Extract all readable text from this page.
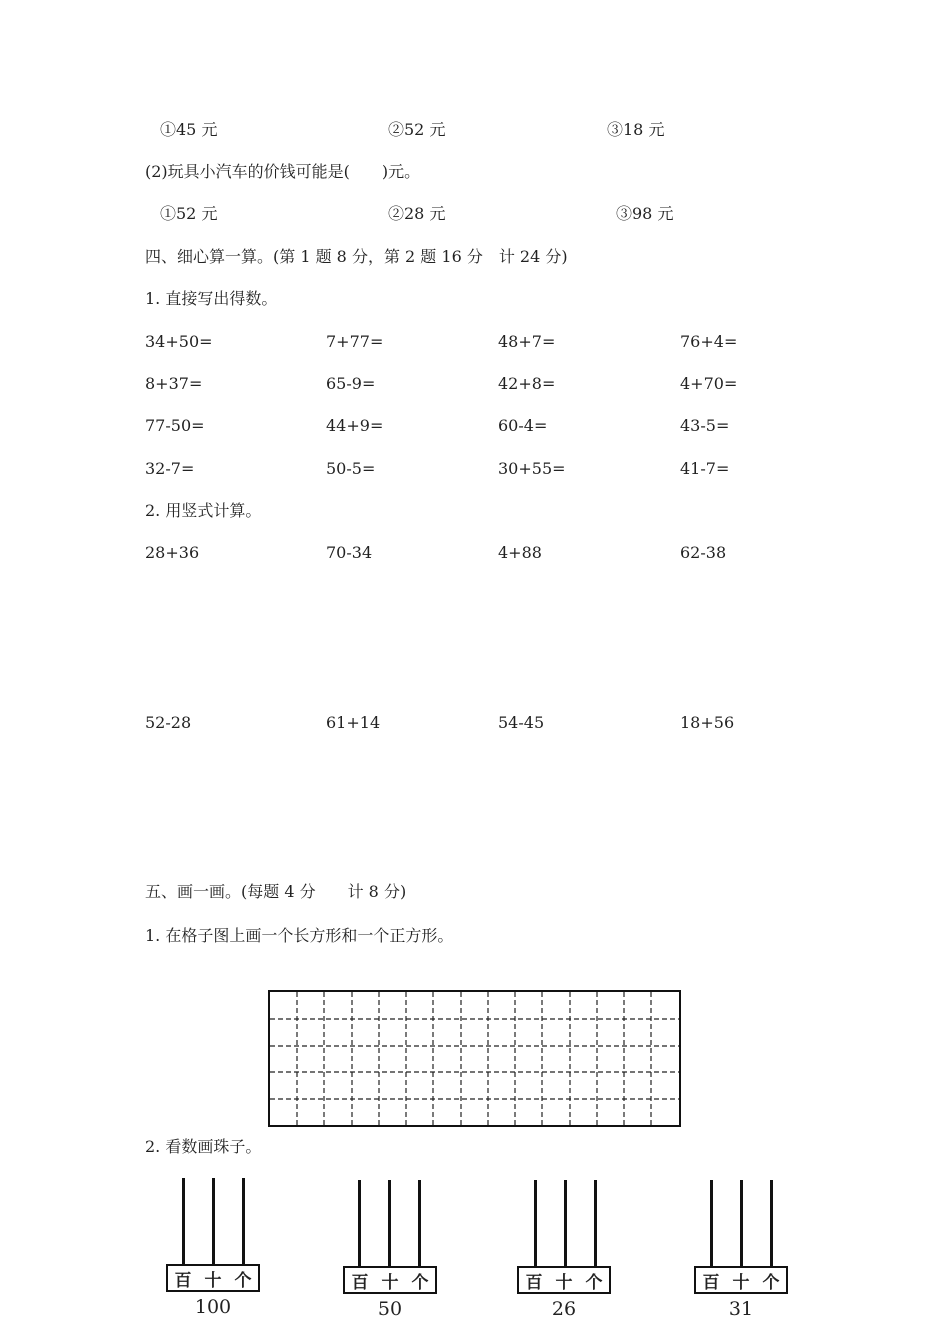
①45 元	②52 元	③18 元
(2)玩具小汽车的价钱可能是(　　)元。
①52 元	②28 元	③98 元
四、细心算一算。(第 1 题 8 分，第 2 题 16 分　计 24 分)
1. 直接写出得数。
34+50=	7+77=	48+7=	76+4=
8+37=	65-9=	42+8=	4+70=
77-50=	44+9=	60-4=	43-5=
32-7=	50-5=	30+55=	41-7=
2. 用竖式计算。
28+36	70-34	4+88	62-38
52-28	61+14	54-45	18+56
五、画一画。(每题 4 分　　计 8 分)
1. 在格子图上画一个长方形和一个正方形。
2. 看数画珠子。
百 十 个
100
百 十 个
50
百 十 个
26
百 十 个
31
